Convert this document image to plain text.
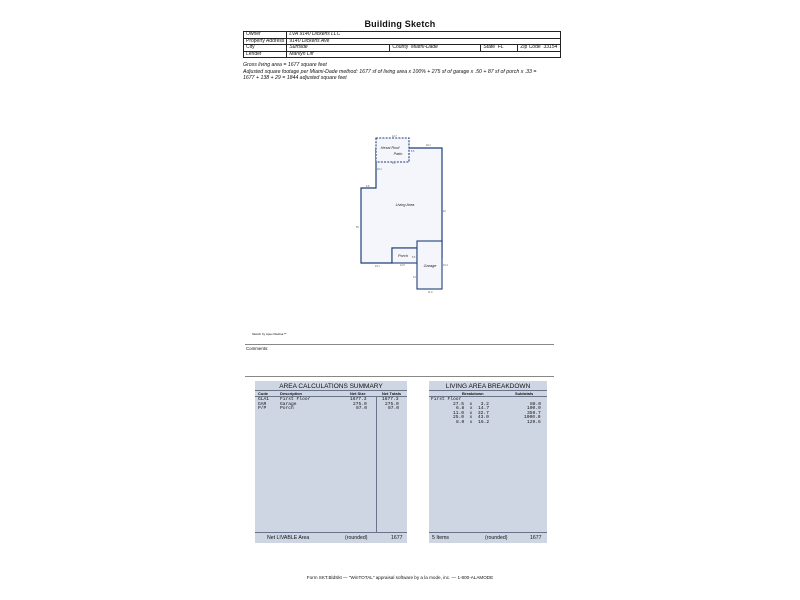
Building Sketch
Owner	LVA 9140 Dickens LLC			
Property Address	9140 Dickens Ave			
City	Surfside	County Miami-Dade	State FL	Zip Code 33154
Lender	Marilyn Liff			
Gross living area = 1677 square feet
Adjusted square footage per Miami-Dade method: 1677 sf of living area x 100% + 275 sf of garage x .50 + 87 sf of porch x .33 =
1677 + 138 + 29 = 1844 adjusted square feet
Hexal Roof
Patio
Living Area
Porch
Garage
18.1
14.7
8.5
6.1
6.8
42
56
24.1
8.5
12.5
13.4
16.3
11.9
18.1
Sketch by Apex Medina™
Comments:
AREA CALCULATIONS SUMMARY
Code	Description	Net Size	Net Totals
GLA1 First Floor	1677.3	1677.3
GAR	Garage	275.0	275.0
P/P	Porch	87.0	87.0
Net LIVABLE Area	(rounded)	1677
LIVING AREA BREAKDOWN
Breakdown	Subtotals
First Floor
27.5 x 3.2	88.0
6.8 x 14.7	100.0
11.0 x 32.7	359.7
25.0 x 43.0	1000.0
8.0 x 16.2	129.6
5 Items	(rounded)	1677
Form SKT.BldSkt — "WinTOTAL" appraisal software by a la mode, inc. — 1-800-ALAMODE
